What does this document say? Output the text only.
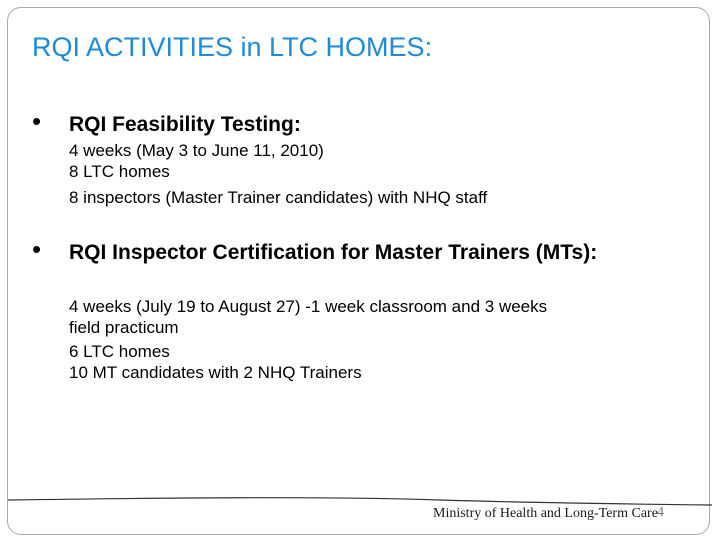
RQI ACTIVITIES in LTC HOMES:
• RQI Feasibility Testing:
4 weeks (May 3 to June 11, 2010)
8 LTC homes
8 inspectors (Master Trainer candidates) with NHQ staff
• RQI Inspector Certification for Master Trainers (MTs):
4 weeks (July 19 to August 27) -1 week classroom and 3 weeks
field practicum
6 LTC homes
10 MT candidates with 2 NHQ Trainers
Ministry of Health and Long-Term Care 4
